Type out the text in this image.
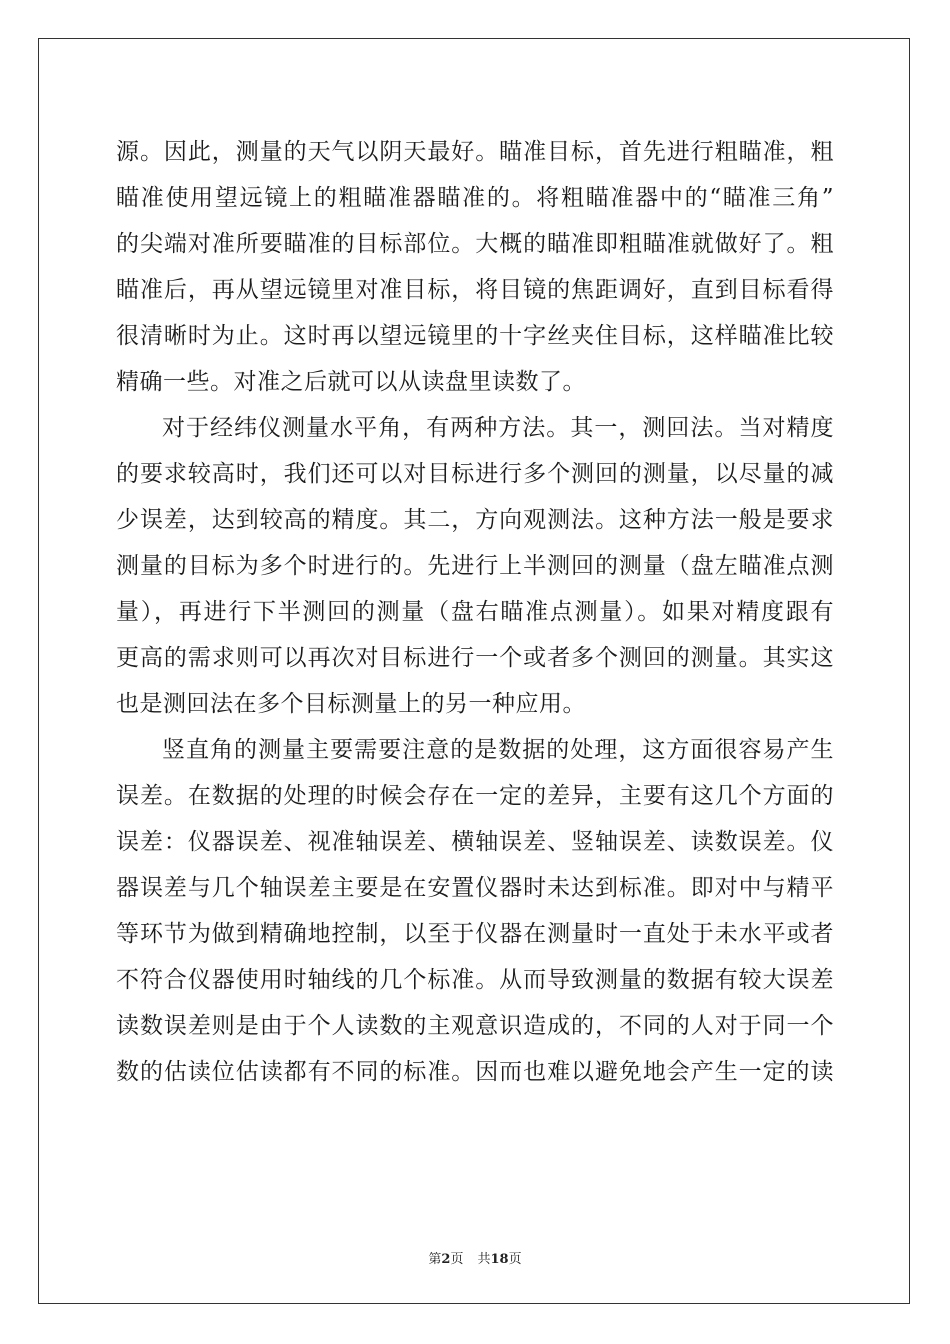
源。因此，测量的天气以阴天最好。瞄准目标，首先进行粗瞄准，粗
瞄准使用望远镜上的粗瞄准器瞄准的。将粗瞄准器中的“瞄准三角”
的尖端对准所要瞄准的目标部位。大概的瞄准即粗瞄准就做好了。粗
瞄准后，再从望远镜里对准目标，将目镜的焦距调好，直到目标看得
很清晰时为止。这时再以望远镜里的十字丝夹住目标，这样瞄准比较
精确一些。对准之后就可以从读盘里读数了。
对于经纬仪测量水平角，有两种方法。其一，测回法。当对精度
的要求较高时，我们还可以对目标进行多个测回的测量，以尽量的减
少误差，达到较高的精度。其二，方向观测法。这种方法一般是要求
测量的目标为多个时进行的。先进行上半测回的测量（盘左瞄准点测
量），再进行下半测回的测量（盘右瞄准点测量）。如果对精度跟有
更高的需求则可以再次对目标进行一个或者多个测回的测量。其实这
也是测回法在多个目标测量上的另一种应用。
竖直角的测量主要需要注意的是数据的处理，这方面很容易产生
误差。在数据的处理的时候会存在一定的差异，主要有这几个方面的
误差：仪器误差、视准轴误差、横轴误差、竖轴误差、读数误差。仪
器误差与几个轴误差主要是在安置仪器时未达到标准。即对中与精平
等环节为做到精确地控制，以至于仪器在测量时一直处于未水平或者
不符合仪器使用时轴线的几个标准。从而导致测量的数据有较大误差
读数误差则是由于个人读数的主观意识造成的，不同的人对于同一个
数的估读位估读都有不同的标准。因而也难以避免地会产生一定的读
第2页 共18页
